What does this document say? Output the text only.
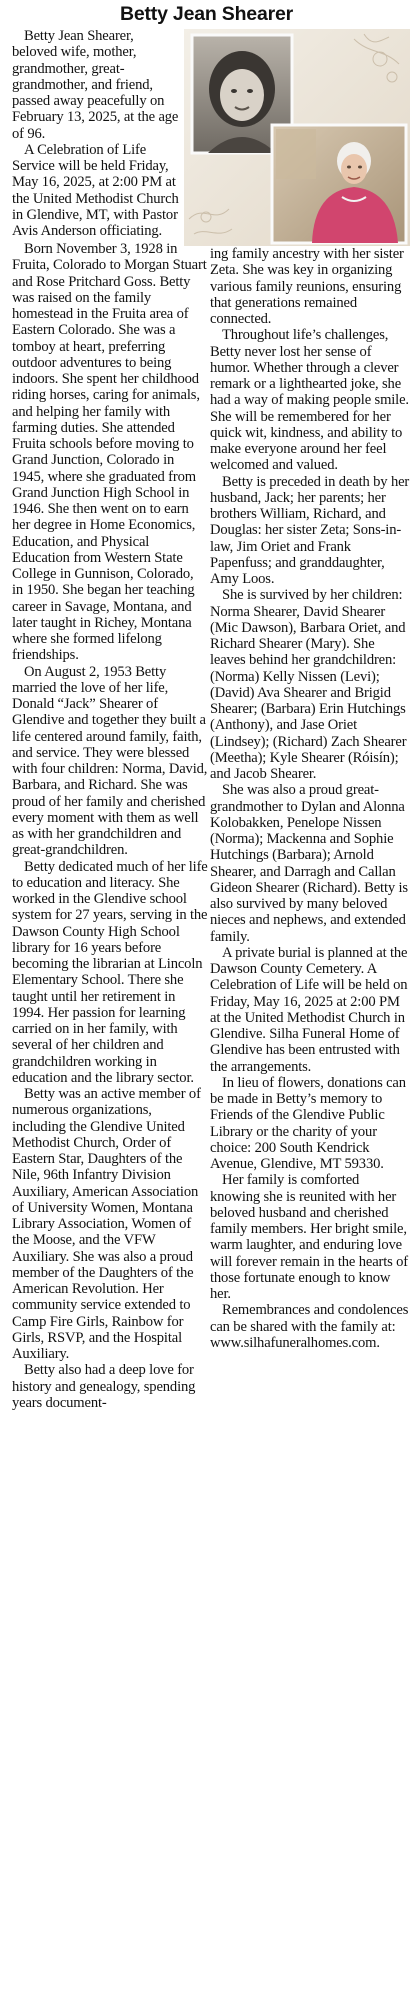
Betty Jean Shearer

Betty Jean Shearer, beloved wife, mother, grandmother, great-grandmother, and friend, passed away peacefully on February 13, 2025, at the age of 96.

A Celebration of Life Service will be held Friday, May 16, 2025, at 2:00 PM at the United Methodist Church in Glendive, MT, with Pastor Avis Anderson officiating.

Born November 3, 1928 in Fruita, Colorado to Morgan Stuart and Rose Pritchard Goss. Betty was raised on the family homestead in the Fruita area of Eastern Colorado. She was a tomboy at heart, preferring outdoor adventures to being indoors. She spent her childhood riding horses, caring for animals, and helping her family with farming duties. She attended Fruita schools before moving to Grand Junction, Colorado in 1945, where she graduated from Grand Junction High School in 1946. She then went on to earn her degree in Home Economics, Education, and Physical Education from Western State College in Gunnison, Colorado, in 1950. She began her teaching career in Savage, Montana, and later taught in Richey, Montana where she formed lifelong friendships.

On August 2, 1953 Betty married the love of her life, Donald “Jack” Shearer of Glendive and together they built a life centered around family, faith, and service. They were blessed with four children: Norma, David, Barbara, and Richard. She was proud of her family and cherished every moment with them as well as with her grandchildren and great-grandchildren.

Betty dedicated much of her life to education and literacy. She worked in the Glendive school system for 27 years, serving in the Dawson County High School library for 16 years before becoming the librarian at Lincoln Elementary School. There she taught until her retirement in 1994. Her passion for learning carried on in her family, with several of her children and grandchildren working in education and the library sector.

Betty was an active member of numerous organizations, including the Glendive United Methodist Church, Order of Eastern Star, Daughters of the Nile, 96th Infantry Division Auxiliary, American Association of University Women, Montana Library Association, Women of the Moose, and the VFW Auxiliary. She was also a proud member of the Daughters of the American Revolution. Her community service extended to Camp Fire Girls, Rainbow for Girls, RSVP, and the Hospital Auxiliary.

Betty also had a deep love for history and genealogy, spending years document-

ing family ancestry with her sister Zeta. She was key in organizing various family reunions, ensuring that generations remained connected.

Throughout life’s challenges, Betty never lost her sense of humor. Whether through a clever remark or a lighthearted joke, she had a way of making people smile. She will be remembered for her quick wit, kindness, and ability to make everyone around her feel welcomed and valued.

Betty is preceded in death by her husband, Jack; her parents; her brothers William, Richard, and Douglas: her sister Zeta; Sons-in-law, Jim Oriet and Frank Papenfuss; and granddaughter, Amy Loos.

She is survived by her children: Norma Shearer, David Shearer (Mic Dawson), Barbara Oriet, and Richard Shearer (Mary). She leaves behind her grandchildren: (Norma) Kelly Nissen (Levi); (David) Ava Shearer and Brigid Shearer; (Barbara) Erin Hutchings (Anthony), and Jase Oriet (Lindsey); (Richard) Zach Shearer (Meetha); Kyle Shearer (Róisín); and Jacob Shearer.

She was also a proud great-grandmother to Dylan and Alonna Kolobakken, Penelope Nissen (Norma); Mackenna and Sophie Hutchings (Barbara); Arnold Shearer, and Darragh and Callan Gideon Shearer (Richard). Betty is also survived by many beloved nieces and nephews, and extended family.

A private burial is planned at the Dawson County Cemetery. A Celebration of Life will be held on Friday, May 16, 2025 at 2:00 PM at the United Methodist Church in Glendive. Silha Funeral Home of Glendive has been entrusted with the arrangements.

In lieu of flowers, donations can be made in Betty’s memory to Friends of the Glendive Public Library or the charity of your choice: 200 South Kendrick Avenue, Glendive, MT 59330.

Her family is comforted knowing she is reunited with her beloved husband and cherished family members. Her bright smile, warm laughter, and enduring love will forever remain in the hearts of those fortunate enough to know her.

Remembrances and condolences can be shared with the family at: www.silhafuneralhomes.com.
